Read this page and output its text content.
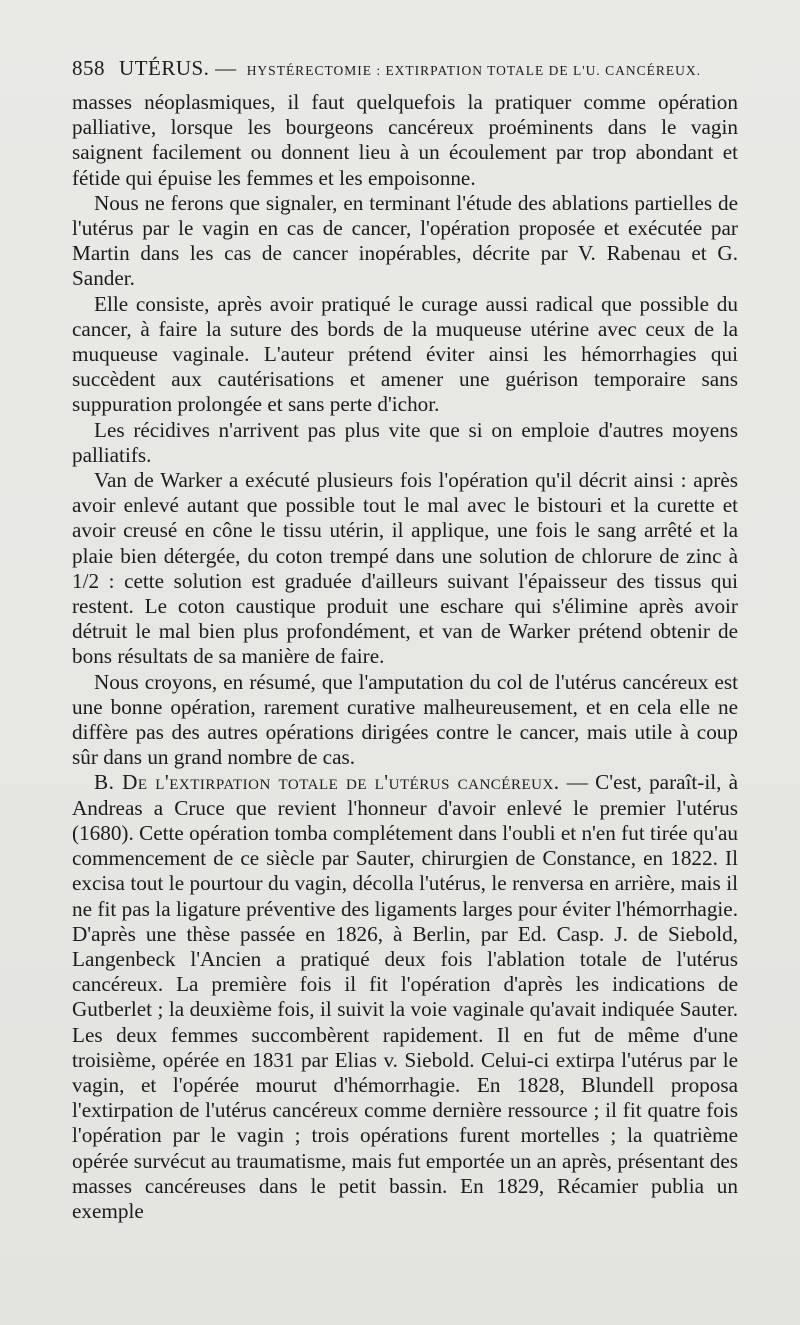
858 UTÉRUS. — HYSTÉRECTOMIE : EXTIRPATION TOTALE DE L'U. CANCÉREUX.

masses néoplasmiques, il faut quelquefois la pratiquer comme opération palliative, lorsque les bourgeons cancéreux proéminents dans le vagin saignent facilement ou donnent lieu à un écoulement par trop abondant et fétide qui épuise les femmes et les empoisonne.

Nous ne ferons que signaler, en terminant l'étude des ablations partielles de l'utérus par le vagin en cas de cancer, l'opération proposée et exécutée par Martin dans les cas de cancer inopérables, décrite par V. Rabenau et G. Sander.

Elle consiste, après avoir pratiqué le curage aussi radical que possible du cancer, à faire la suture des bords de la muqueuse utérine avec ceux de la muqueuse vaginale. L'auteur prétend éviter ainsi les hémorrhagies qui succèdent aux cautérisations et amener une guérison temporaire sans suppuration prolongée et sans perte d'ichor.

Les récidives n'arrivent pas plus vite que si on emploie d'autres moyens palliatifs.

Van de Warker a exécuté plusieurs fois l'opération qu'il décrit ainsi : après avoir enlevé autant que possible tout le mal avec le bistouri et la curette et avoir creusé en cône le tissu utérin, il applique, une fois le sang arrêté et la plaie bien détergée, du coton trempé dans une solution de chlorure de zinc à 1/2 : cette solution est graduée d'ailleurs suivant l'épaisseur des tissus qui restent. Le coton caustique produit une eschare qui s'élimine après avoir détruit le mal bien plus profondément, et van de Warker prétend obtenir de bons résultats de sa manière de faire.

Nous croyons, en résumé, que l'amputation du col de l'utérus cancéreux est une bonne opération, rarement curative malheureusement, et en cela elle ne diffère pas des autres opérations dirigées contre le cancer, mais utile à coup sûr dans un grand nombre de cas.

B. De l'extirpation totale de l'utérus cancéreux. — C'est, paraît-il, à Andreas a Cruce que revient l'honneur d'avoir enlevé le premier l'utérus (1680). Cette opération tomba complétement dans l'oubli et n'en fut tirée qu'au commencement de ce siècle par Sauter, chirurgien de Constance, en 1822. Il excisa tout le pourtour du vagin, décolla l'utérus, le renversa en arrière, mais il ne fit pas la ligature préventive des ligaments larges pour éviter l'hémorrhagie. D'après une thèse passée en 1826, à Berlin, par Ed. Casp. J. de Siebold, Langenbeck l'Ancien a pratiqué deux fois l'ablation totale de l'utérus cancéreux. La première fois il fit l'opération d'après les indications de Gutberlet ; la deuxième fois, il suivit la voie vaginale qu'avait indiquée Sauter. Les deux femmes succombèrent rapidement. Il en fut de même d'une troisième, opérée en 1831 par Elias v. Siebold. Celui-ci extirpa l'utérus par le vagin, et l'opérée mourut d'hémorrhagie. En 1828, Blundell proposa l'extirpation de l'utérus cancéreux comme dernière ressource ; il fit quatre fois l'opération par le vagin ; trois opérations furent mortelles ; la quatrième opérée survécut au traumatisme, mais fut emportée un an après, présentant des masses cancéreuses dans le petit bassin. En 1829, Récamier publia un exemple
